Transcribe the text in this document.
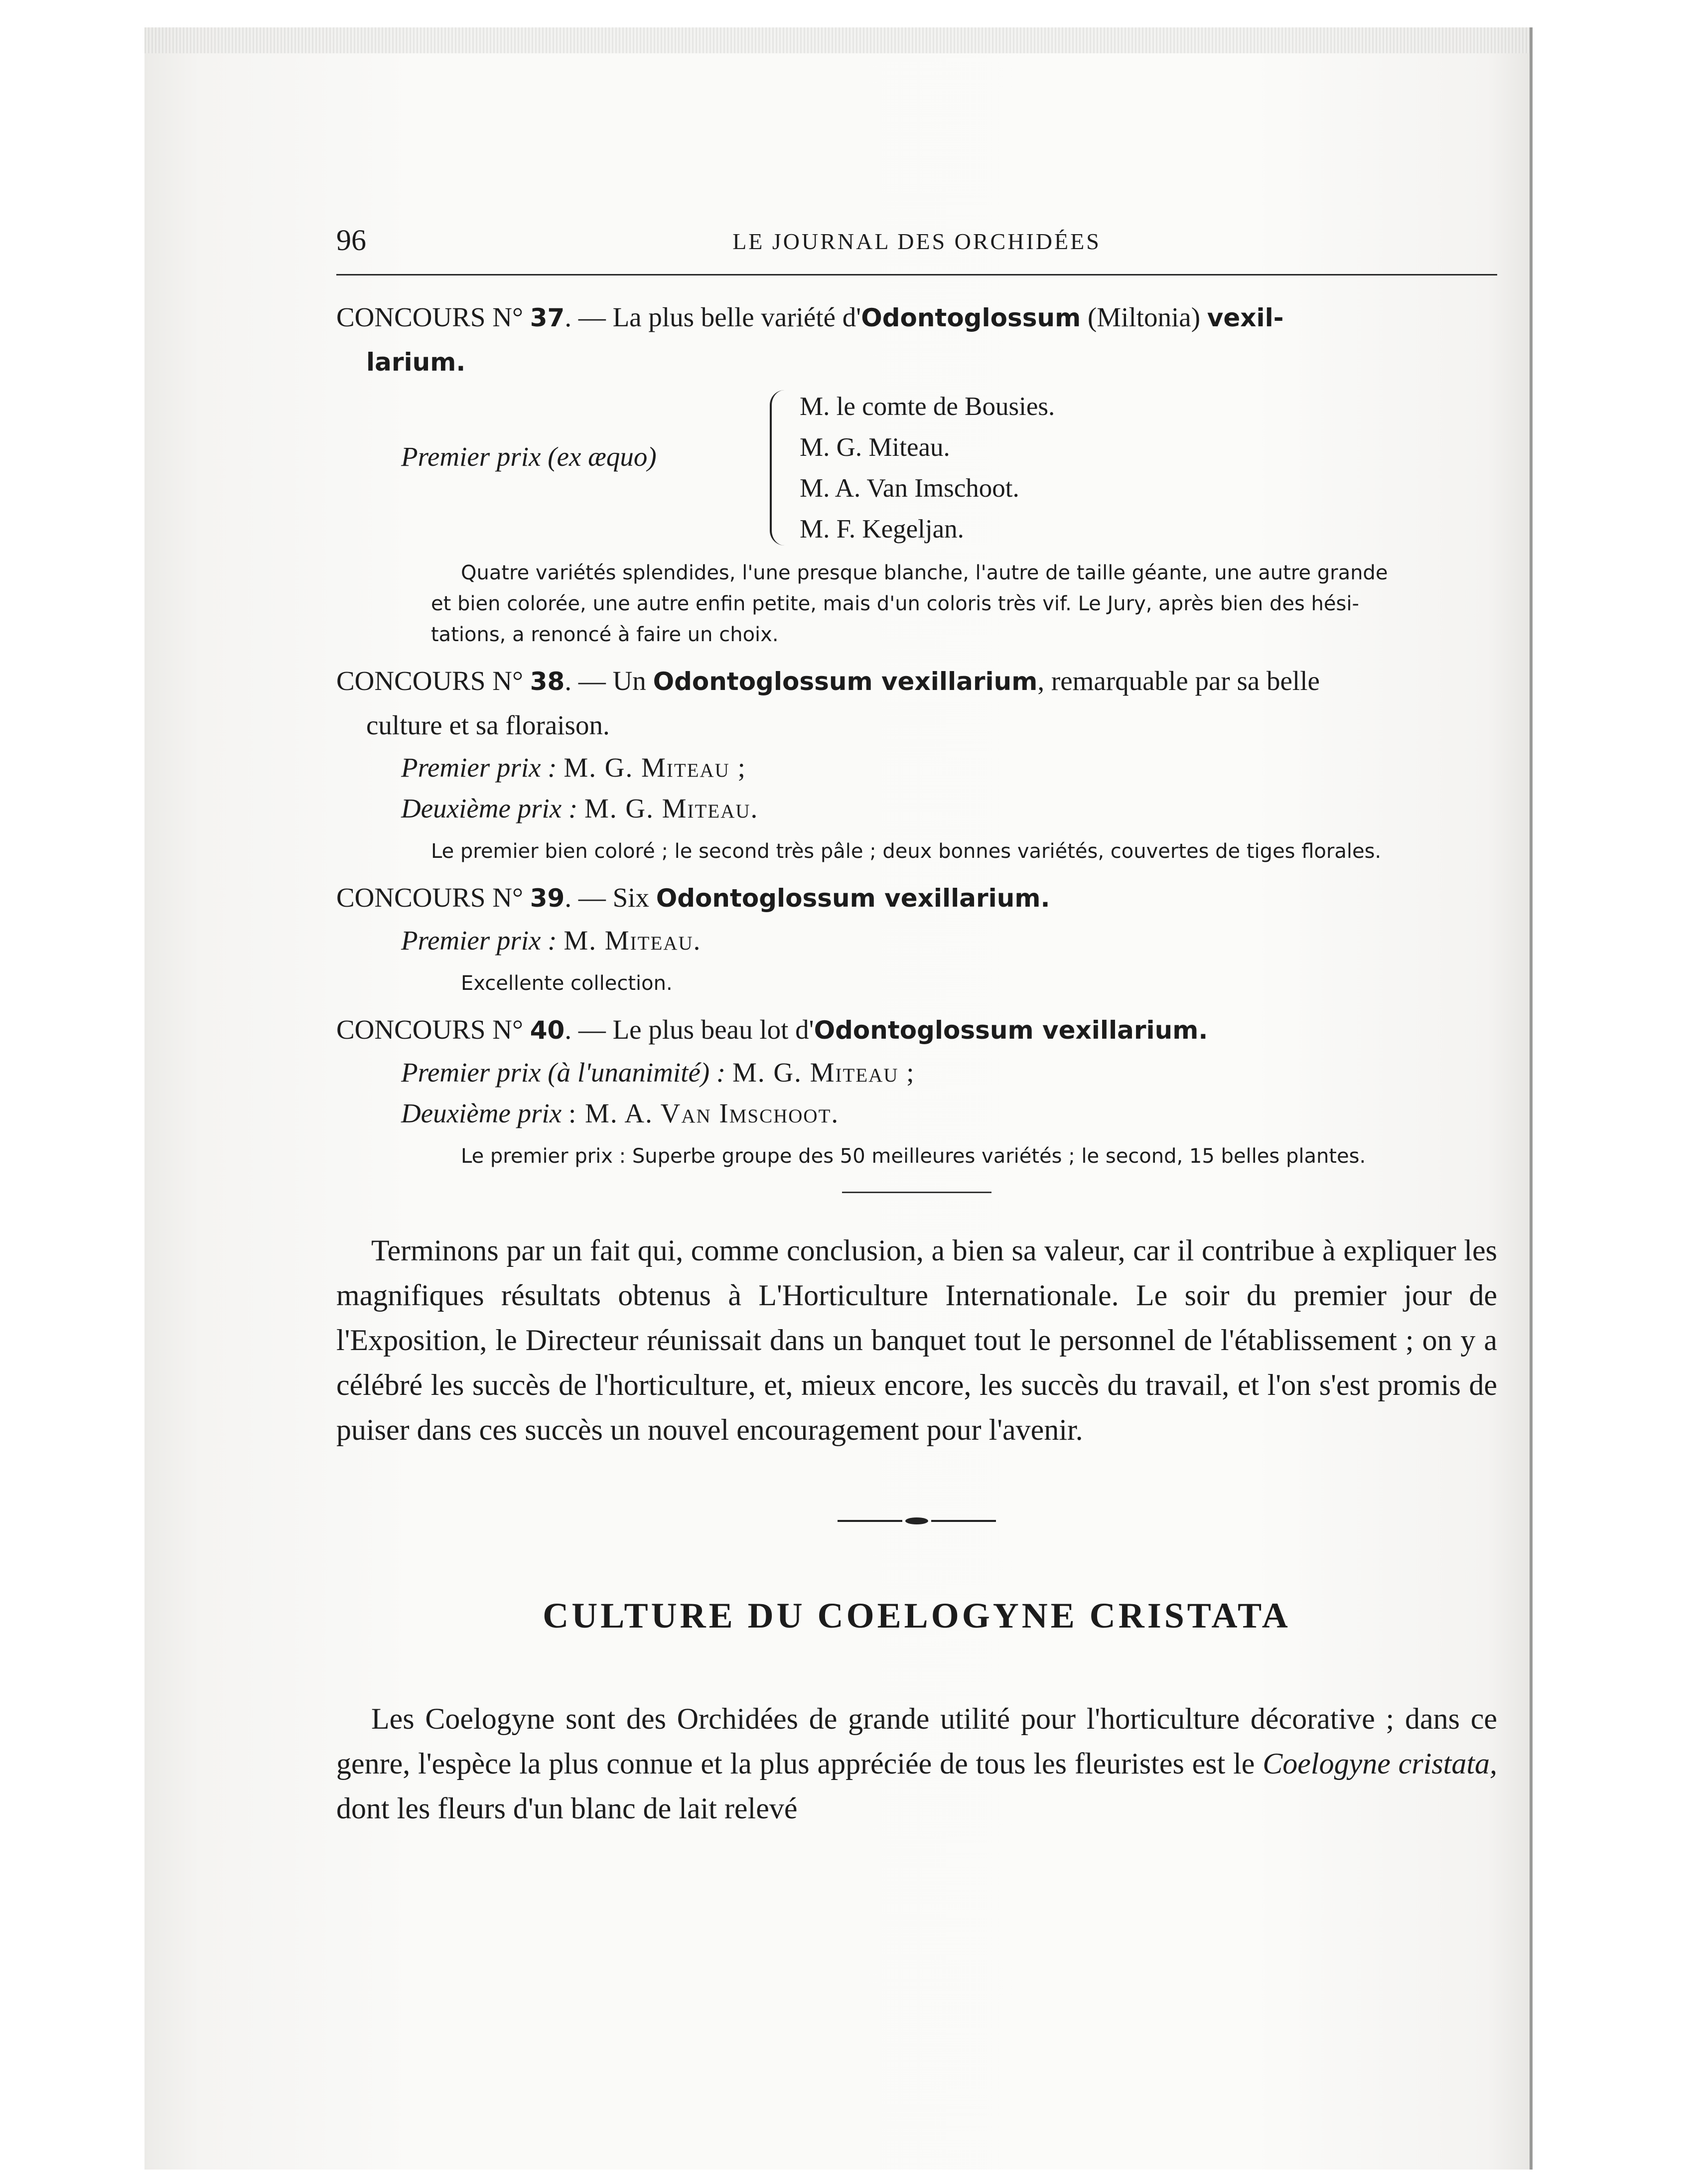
96	LE JOURNAL DES ORCHIDÉES

CONCOURS N° 37. — La plus belle variété d'Odontoglossum (Miltonia) vexil-

larium.

Premier prix (ex æquo)
M. le comte de Bousies.
M. G. Miteau.
M. A. Van Imschoot.
M. F. Kegeljan.
Quatre variétés splendides, l'une presque blanche, l'autre de taille géante, une autre grande
et bien colorée, une autre enfin petite, mais d'un coloris très vif. Le Jury, après bien des hési-
tations, a renoncé à faire un choix.

CONCOURS N° 38. — Un Odontoglossum vexillarium, remarquable par sa belle

culture et sa floraison.

Premier prix : M. G. Miteau ;
Deuxième prix : M. G. Miteau.
Le premier bien coloré ; le second très pâle ; deux bonnes variétés, couvertes de tiges florales.

CONCOURS N° 39. — Six Odontoglossum vexillarium.

Premier prix : M. Miteau.
Excellente collection.

CONCOURS N° 40. — Le plus beau lot d'Odontoglossum vexillarium.

Premier prix (à l'unanimité) : M. G. Miteau ;
Deuxième prix : M. A. Van Imschoot.
Le premier prix : Superbe groupe des 50 meilleures variétés ; le second, 15 belles plantes.

Terminons par un fait qui, comme conclusion, a bien sa valeur, car il contribue à expliquer les magnifiques résultats obtenus à L'Horticulture Internationale. Le soir du premier jour de l'Exposition, le Directeur réunissait dans un banquet tout le personnel de l'établissement ; on y a célébré les succès de l'horticulture, et, mieux encore, les succès du travail, et l'on s'est promis de puiser dans ces succès un nouvel encouragement pour l'avenir.

CULTURE DU COELOGYNE CRISTATA

Les Coelogyne sont des Orchidées de grande utilité pour l'horticulture décorative ; dans ce genre, l'espèce la plus connue et la plus appréciée de tous les fleuristes est le Coelogyne cristata, dont les fleurs d'un blanc de lait relevé
